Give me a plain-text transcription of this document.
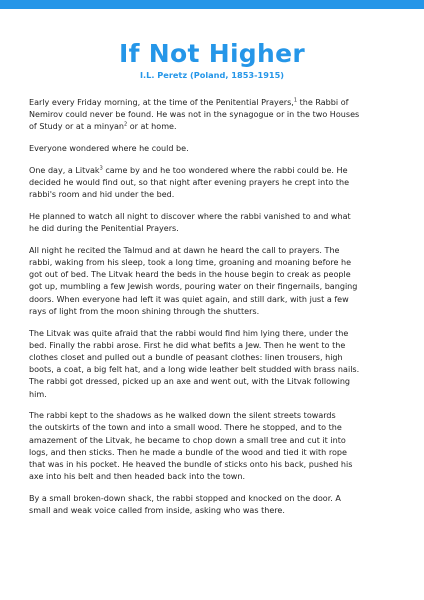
If Not Higher
I.L. Peretz (Poland, 1853-1915)

Early every Friday morning, at the time of the Penitential Prayers,$^1$ the Rabbi of
Nemirov could never be found. He was not in the synagogue or in the two Houses
of Study or at a minyan$^2$ or at home.

Everyone wondered where he could be.

One day, a Litvak$^3$ came by and he too wondered where the rabbi could be. He
decided he would find out, so that night after evening prayers he crept into the
rabbi's room and hid under the bed.

He planned to watch all night to discover where the rabbi vanished to and what
he did during the Penitential Prayers.

All night he recited the Talmud and at dawn he heard the call to prayers. The
rabbi, waking from his sleep, took a long time, groaning and moaning before he
got out of bed. The Litvak heard the beds in the house begin to creak as people
got up, mumbling a few Jewish words, pouring water on their fingernails, banging
doors. When everyone had left it was quiet again, and still dark, with just a few
rays of light from the moon shining through the shutters.

The Litvak was quite afraid that the rabbi would find him lying there, under the
bed. Finally the rabbi arose. First he did what befits a Jew. Then he went to the
clothes closet and pulled out a bundle of peasant clothes: linen trousers, high
boots, a coat, a big felt hat, and a long wide leather belt studded with brass nails.
The rabbi got dressed, picked up an axe and went out, with the Litvak following
him.

The rabbi kept to the shadows as he walked down the silent streets towards
the outskirts of the town and into a small wood. There he stopped, and to the
amazement of the Litvak, he became to chop down a small tree and cut it into
logs, and then sticks. Then he made a bundle of the wood and tied it with rope
that was in his pocket. He heaved the bundle of sticks onto his back, pushed his
axe into his belt and then headed back into the town.

By a small broken-down shack, the rabbi stopped and knocked on the door. A
small and weak voice called from inside, asking who was there.
